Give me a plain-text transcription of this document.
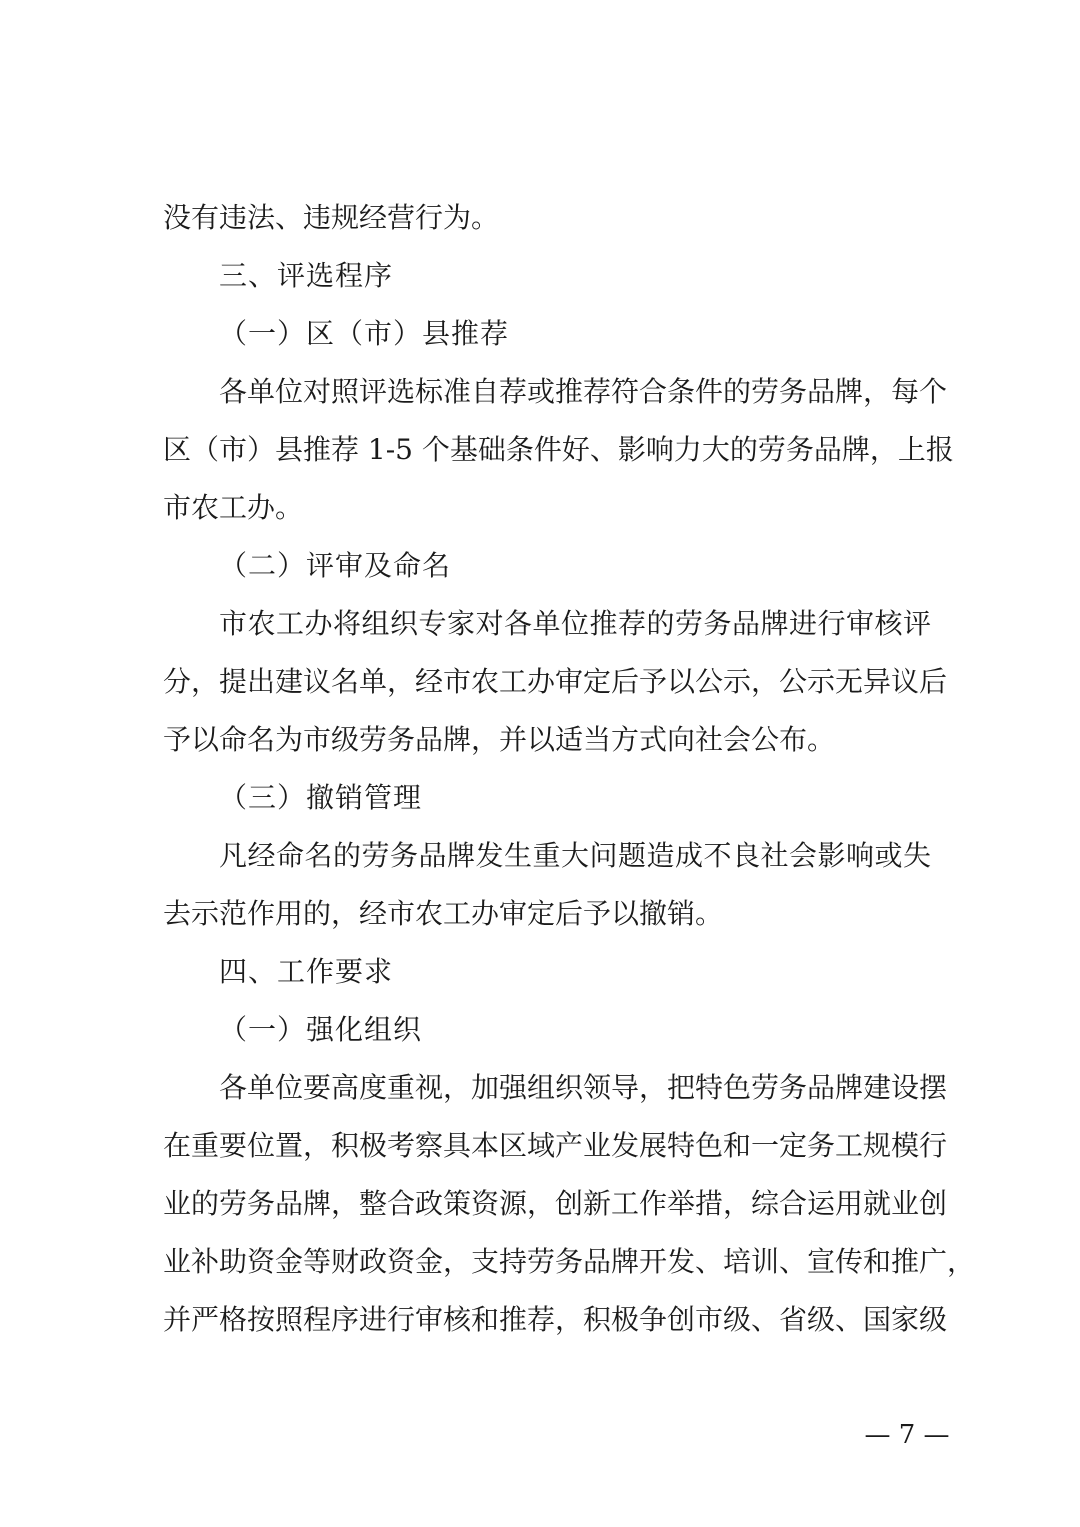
没有违法、违规经营行为。
三、评选程序
（一）区（市）县推荐
各单位对照评选标准自荐或推荐符合条件的劳务品牌，每个
区（市）县推荐 1-5 个基础条件好、影响力大的劳务品牌，上报
市农工办。
（二）评审及命名
市农工办将组织专家对各单位推荐的劳务品牌进行审核评
分，提出建议名单，经市农工办审定后予以公示，公示无异议后
予以命名为市级劳务品牌，并以适当方式向社会公布。
（三）撤销管理
凡经命名的劳务品牌发生重大问题造成不良社会影响或失
去示范作用的，经市农工办审定后予以撤销。
四、工作要求
（一）强化组织
各单位要高度重视，加强组织领导，把特色劳务品牌建设摆
在重要位置，积极考察具本区域产业发展特色和一定务工规模行
业的劳务品牌，整合政策资源，创新工作举措，综合运用就业创
业补助资金等财政资金，支持劳务品牌开发、培训、宣传和推广，
并严格按照程序进行审核和推荐，积极争创市级、省级、国家级
— 7 —
